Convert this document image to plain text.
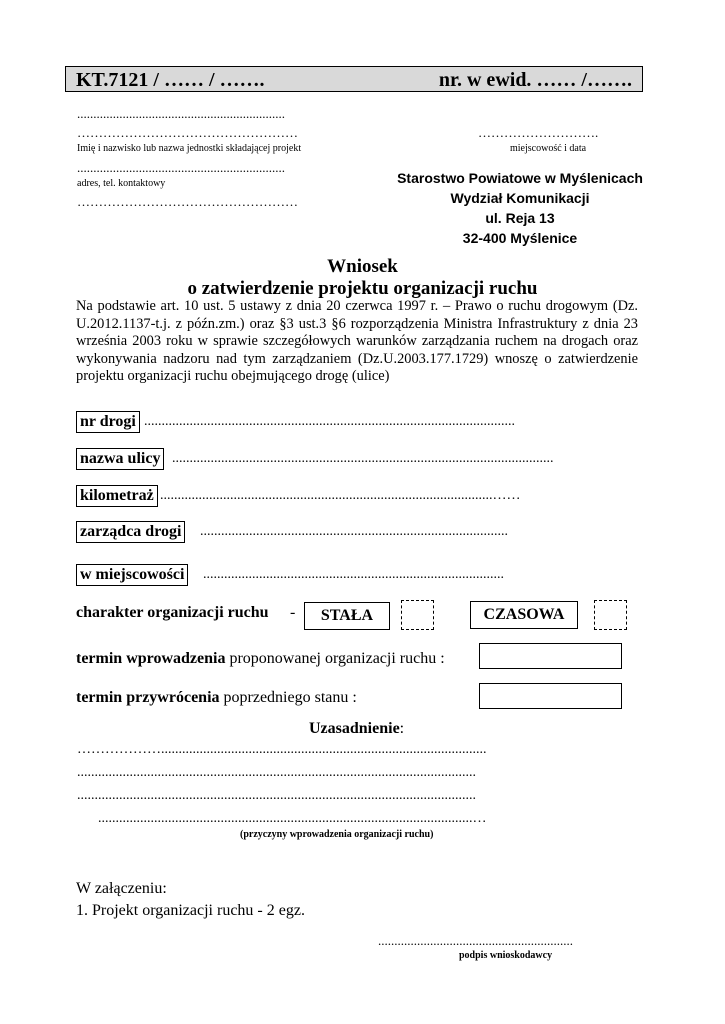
KT.7121 / …… / …….	nr. w ewid. …… /…….
................................................................
……………………………………………
Imię i nazwisko lub nazwa jednostki składającej projekt
................................................................
adres, tel. kontaktowy
……………………………………………
……………………….
miejscowość i data
Starostwo Powiatowe w Myślenicach
Wydział Komunikacji
ul. Reja 13
32-400 Myślenice
Wniosek
o zatwierdzenie projektu organizacji ruchu
Na podstawie art. 10 ust. 5 ustawy z dnia 20 czerwca 1997 r. – Prawo o ruchu drogowym (Dz. U.2012.1137-t.j. z późn.zm.) oraz §3 ust.3 §6 rozporządzenia Ministra Infrastruktury z dnia 23 września 2003 roku w sprawie szczegółowych warunków zarządzania ruchem na drogach oraz wykonywania nadzoru nad tym zarządzaniem (Dz.U.2003.177.1729) wnoszę o zatwierdzenie projektu organizacji ruchu obejmującego drogę (ulice)
nr drogi ..........................................................................................................
nazwa ulicy .............................................................................................................
kilometraż ...............................................................................................……
zarządca drogi ........................................................................................
w miejscowości ......................................................................................
charakter organizacji ruchu -	STAŁA	CZASOWA
termin wprowadzenia proponowanej organizacji ruchu :
termin przywrócenia poprzedniego stanu :
Uzasadnienie:
……………….............................................................................................
..................................................................................................................
..................................................................................................................
...........................................................................................................…
(przyczyny wprowadzenia organizacji ruchu)
W załączeniu:
1. Projekt organizacji ruchu - 2 egz.
............................................................
podpis wnioskodawcy
